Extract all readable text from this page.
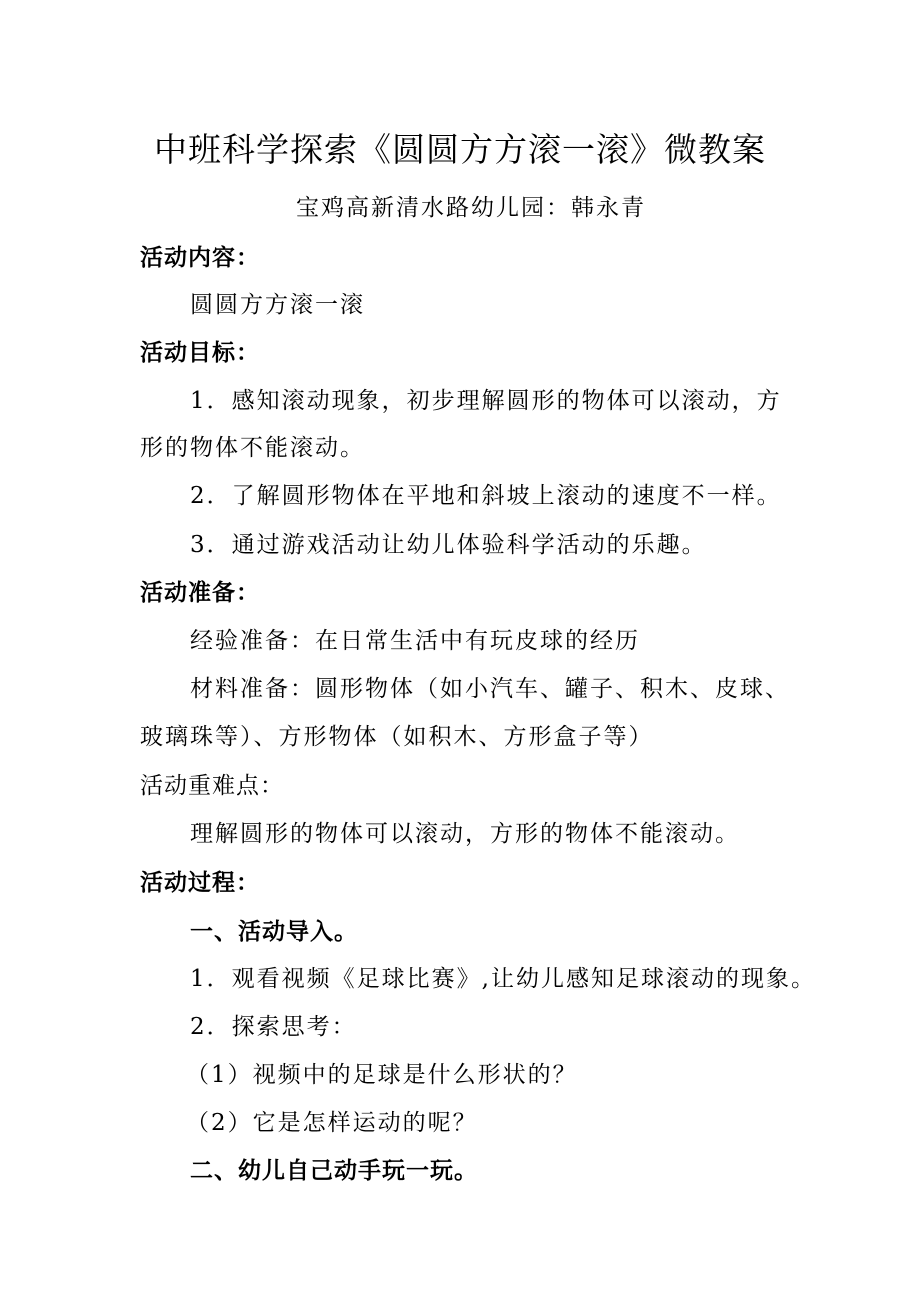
中班科学探索《圆圆方方滚一滚》微教案
宝鸡高新清水路幼儿园：韩永青
活动内容：
圆圆方方滚一滚
活动目标：
1．感知滚动现象，初步理解圆形的物体可以滚动，方
形的物体不能滚动。
2．了解圆形物体在平地和斜坡上滚动的速度不一样。
3．通过游戏活动让幼儿体验科学活动的乐趣。
活动准备：
经验准备：在日常生活中有玩皮球的经历
材料准备：圆形物体（如小汽车、罐子、积木、皮球、
玻璃珠等）、方形物体（如积木、方形盒子等）
活动重难点：
理解圆形的物体可以滚动，方形的物体不能滚动。
活动过程：
一、活动导入。
1．观看视频《足球比赛》,让幼儿感知足球滚动的现象。
2．探索思考：
（1）视频中的足球是什么形状的？
（2）它是怎样运动的呢？
二、幼儿自己动手玩一玩。
